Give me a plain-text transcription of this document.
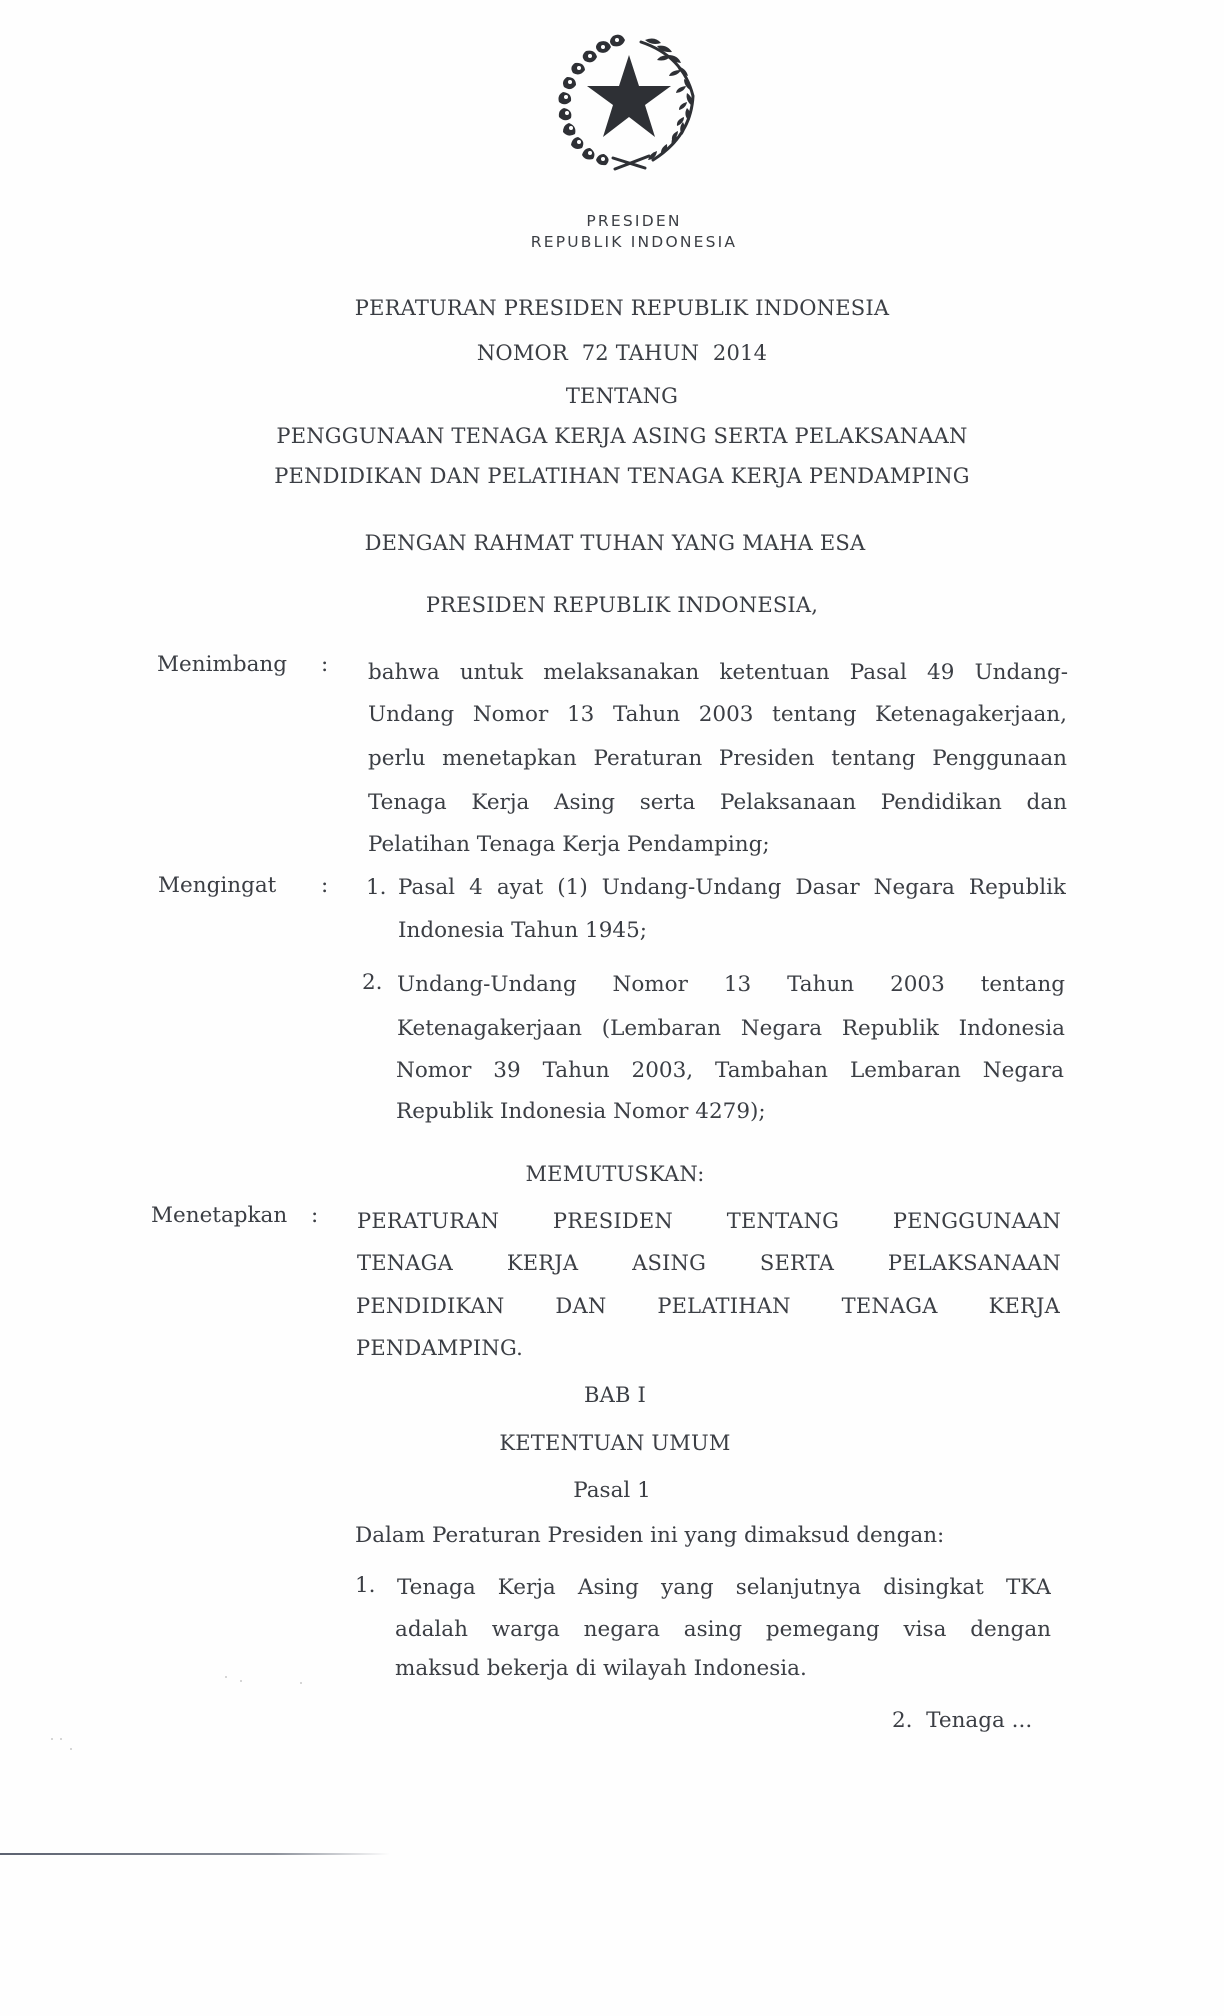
PRESIDEN
REPUBLIK INDONESIA
PERATURAN PRESIDEN REPUBLIK INDONESIA
NOMOR  72 TAHUN  2014
TENTANG
PENGGUNAAN TENAGA KERJA ASING SERTA PELAKSANAAN
PENDIDIKAN DAN PELATIHAN TENAGA KERJA PENDAMPING
DENGAN RAHMAT TUHAN YANG MAHA ESA
PRESIDEN REPUBLIK INDONESIA,
Menimbang : bahwa untuk melaksanakan ketentuan Pasal 49 Undang-
Undang Nomor 13 Tahun 2003 tentang Ketenagakerjaan,
perlu menetapkan Peraturan Presiden tentang Penggunaan
Tenaga Kerja Asing serta Pelaksanaan Pendidikan dan
Pelatihan Tenaga Kerja Pendamping;
Mengingat : 1. Pasal 4 ayat (1) Undang-Undang Dasar Negara Republik
Indonesia Tahun 1945;
2. Undang-Undang Nomor 13 Tahun 2003 tentang
Ketenagakerjaan (Lembaran Negara Republik Indonesia
Nomor 39 Tahun 2003, Tambahan Lembaran Negara
Republik Indonesia Nomor 4279);
MEMUTUSKAN:
Menetapkan : PERATURAN PRESIDEN TENTANG PENGGUNAAN
TENAGA KERJA ASING SERTA PELAKSANAAN
PENDIDIKAN DAN PELATIHAN TENAGA KERJA
PENDAMPING.
BAB I
KETENTUAN UMUM
Pasal 1
Dalam Peraturan Presiden ini yang dimaksud dengan:
1. Tenaga Kerja Asing yang selanjutnya disingkat TKA
adalah warga negara asing pemegang visa dengan
maksud bekerja di wilayah Indonesia.
2.  Tenaga ...
